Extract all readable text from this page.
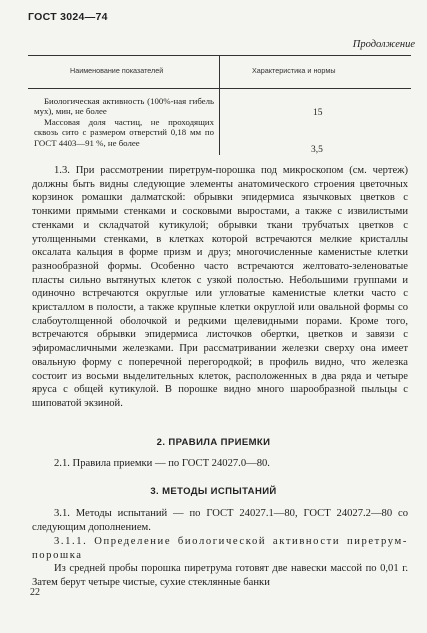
ГОСТ 3024—74
Продолжение
Наименование показателей	Характеристика и нормы
Биологическая активность (100%-ная гибель мух), мин, не более	15
Массовая доля частиц, не проходящих сквозь сито с размером отверстий 0,18 мм по ГОСТ 4403—91 %, не более
3,5

1.3. При рассмотрении пиретрум-порошка под микроскопом (см. чертеж) должны быть видны следующие элементы анатомического строения цветочных корзинок ромашки далматской: обрывки эпидермиса язычковых цветков с тонкими прямыми стенками и сосковыми выростами, а также с извилистыми стенками и складчатой кутикулой; обрывки ткани трубчатых цветков с утолщенными стенками, в клетках которой встречаются мелкие кристаллы оксалата кальция в форме призм и друз; многочисленные каменистые клетки разнообразной формы. Особенно часто встречаются желтовато-зеленоватые пласты сильно вытянутых клеток с узкой полостью. Небольшими группами и одиночно встречаются округлые или угловатые каменистые клетки часто с кристаллом в полости, а также крупные клетки округлой или овальной формы со слабоутолщенной оболочкой и редкими щелевидными порами. Кроме того, встречаются обрывки эпидермиса листочков обертки, цветков и завязи с эфиромасличными железками. При рассматривании железки сверху она имеет овальную форму с поперечной перегородкой; в профиль видно, что железка состоит из восьми выделительных клеток, расположенных в два ряда и четыре яруса с общей кутикулой. В порошке видно много шарообразной пыльцы с шиповатой экзиной.

2. ПРАВИЛА ПРИЕМКИ

2.1. Правила приемки — по ГОСТ 24027.0—80.

3. МЕТОДЫ ИСПЫТАНИЙ

3.1. Методы испытаний — по ГОСТ 24027.1—80, ГОСТ 24027.2—80 со следующим дополнением.

3.1.1. Определение биологической активности пиретрум-порошка

Из средней пробы порошка пиретрума готовят две навески массой по 0,01 г. Затем берут четыре чистые, сухие стеклянные банки

22
